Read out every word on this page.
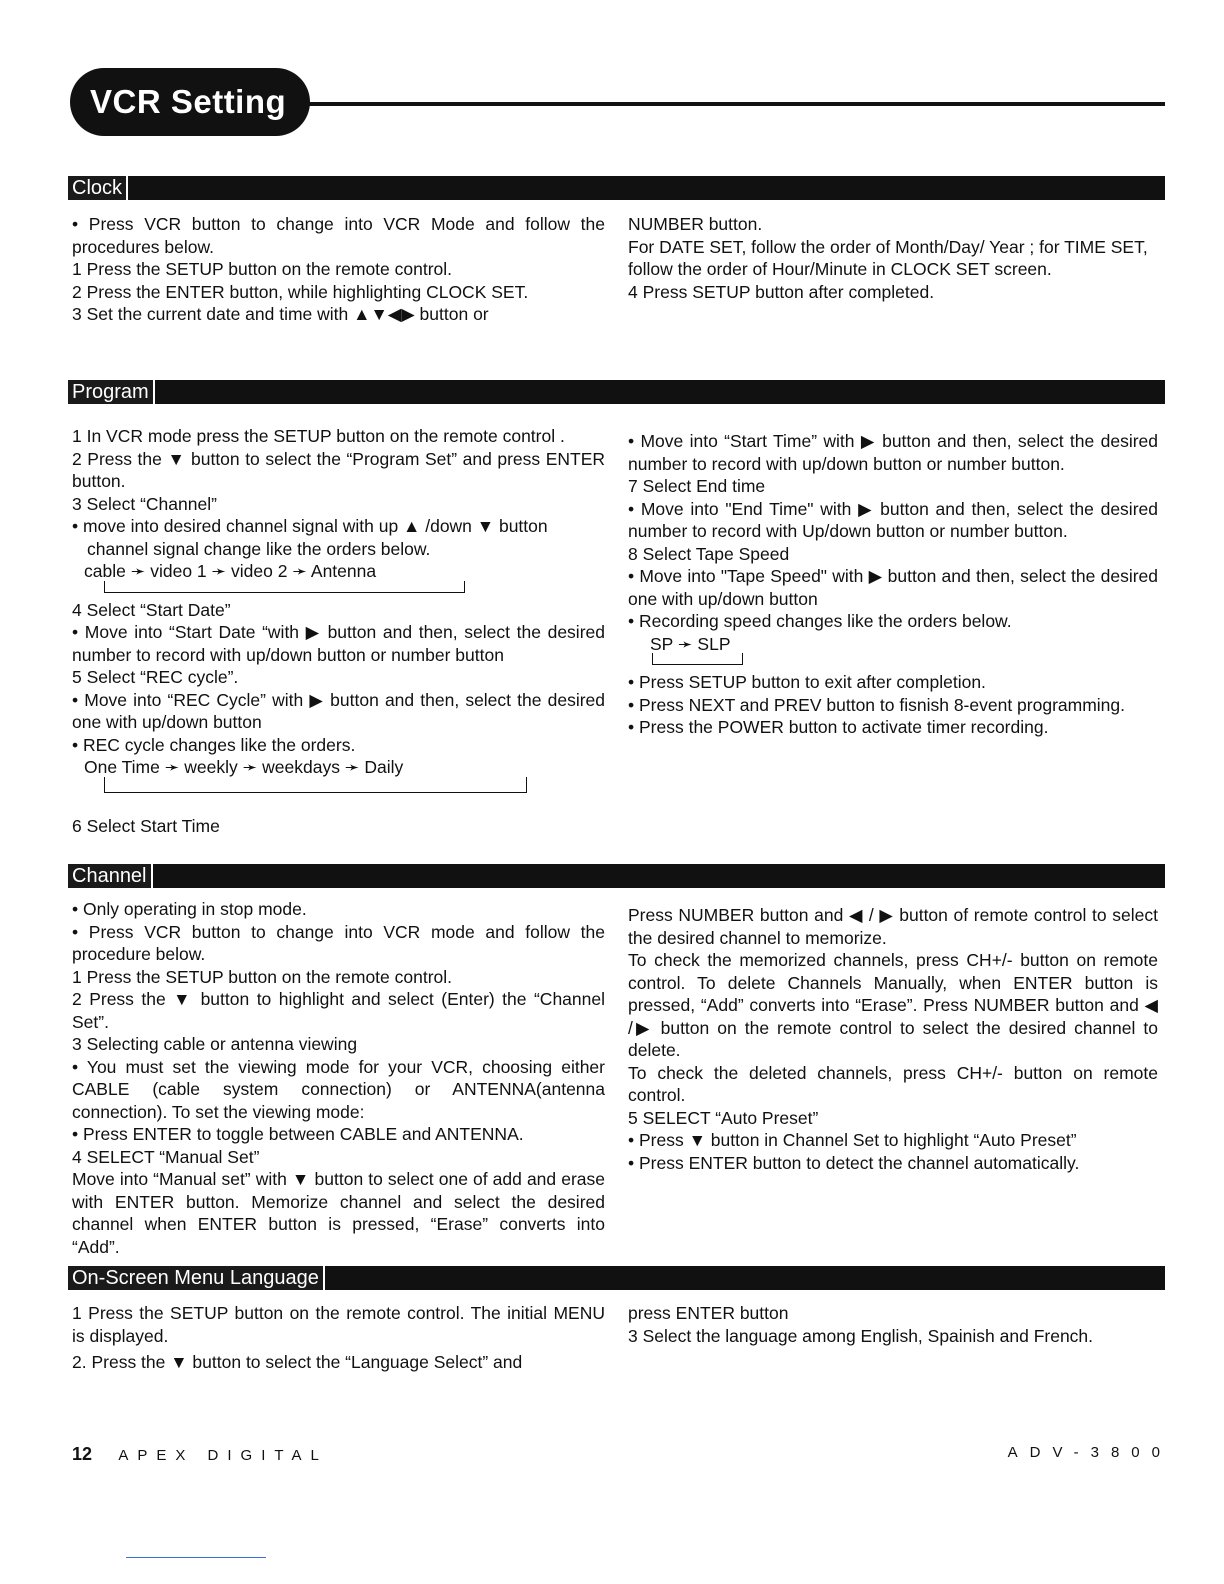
VCR Setting
Clock

• Press VCR button to change into VCR Mode and follow the procedures below.

1 Press the SETUP button on the remote control.

2 Press the ENTER button, while highlighting CLOCK SET.

3 Set the current date and time with ▲▼◀▶ button or

NUMBER button.

For DATE SET, follow the order of Month/Day/ Year ; for TIME SET, follow the order of Hour/Minute in CLOCK SET screen.

4 Press SETUP button after completed.

Program

1 In VCR mode press the SETUP button on the remote control .

2 Press the ▼ button to select the “Program Set” and press ENTER button.

3 Select “Channel”

• move into desired channel signal with up ▲ /down ▼ button

channel signal change like the orders below.

cable ➛ video 1 ➛ video 2 ➛ Antenna

4 Select “Start Date”

• Move into “Start Date “with ▶ button and then, select the desired number to record with up/down button or number button

5 Select “REC cycle”.

• Move into “REC Cycle” with ▶ button and then, select the desired one with up/down button

• REC cycle changes like the orders.

One Time ➛ weekly ➛ weekdays ➛ Daily

6 Select Start Time

• Move into “Start Time” with ▶ button and then, select the desired number to record with up/down button or number button.

7 Select End time

• Move into "End Time" with ▶ button and then, select the desired number to record with Up/down button or number button.

8 Select Tape Speed

• Move into "Tape Speed" with ▶ button and then, select the desired one with up/down button

• Recording speed changes like the orders below.

SP ➛ SLP

• Press SETUP button to exit after completion.

• Press NEXT and PREV button to fisnish 8-event programming.

• Press the POWER button to activate timer recording.

Channel

• Only operating in stop mode.

• Press VCR button to change into VCR mode and follow the procedure below.

1 Press the SETUP button on the remote control.

2 Press the ▼ button to highlight and select (Enter) the “Channel Set”.

3 Selecting cable or antenna viewing

• You must set the viewing mode for your VCR, choosing either CABLE (cable system connection) or ANTENNA(antenna connection). To set the viewing mode:

• Press ENTER to toggle between CABLE and ANTENNA.

4 SELECT “Manual Set”

Move into “Manual set” with ▼ button to select one of add and erase with ENTER button. Memorize channel and select the desired channel when ENTER button is pressed, “Erase” converts into “Add”.

Press NUMBER button and ◀ / ▶ button of remote control to select the desired channel to memorize.

To check the memorized channels, press CH+/- button on remote control. To delete Channels Manually, when ENTER button is pressed, “Add” converts into “Erase”. Press NUMBER button and ◀ /▶ button on the remote control to select the desired channel to delete.

To check the deleted channels, press CH+/- button on remote control.

5 SELECT “Auto Preset”

• Press ▼ button in Channel Set to highlight “Auto Preset”

• Press ENTER button to detect the channel automatically.

On-Screen Menu Language

1 Press the SETUP button on the remote control. The initial MENU is displayed.

2. Press the ▼ button to select the “Language Select” and

press ENTER button

3 Select the language among English, Spainish and French.

12 APEX DIGITAL	ADV-3800
